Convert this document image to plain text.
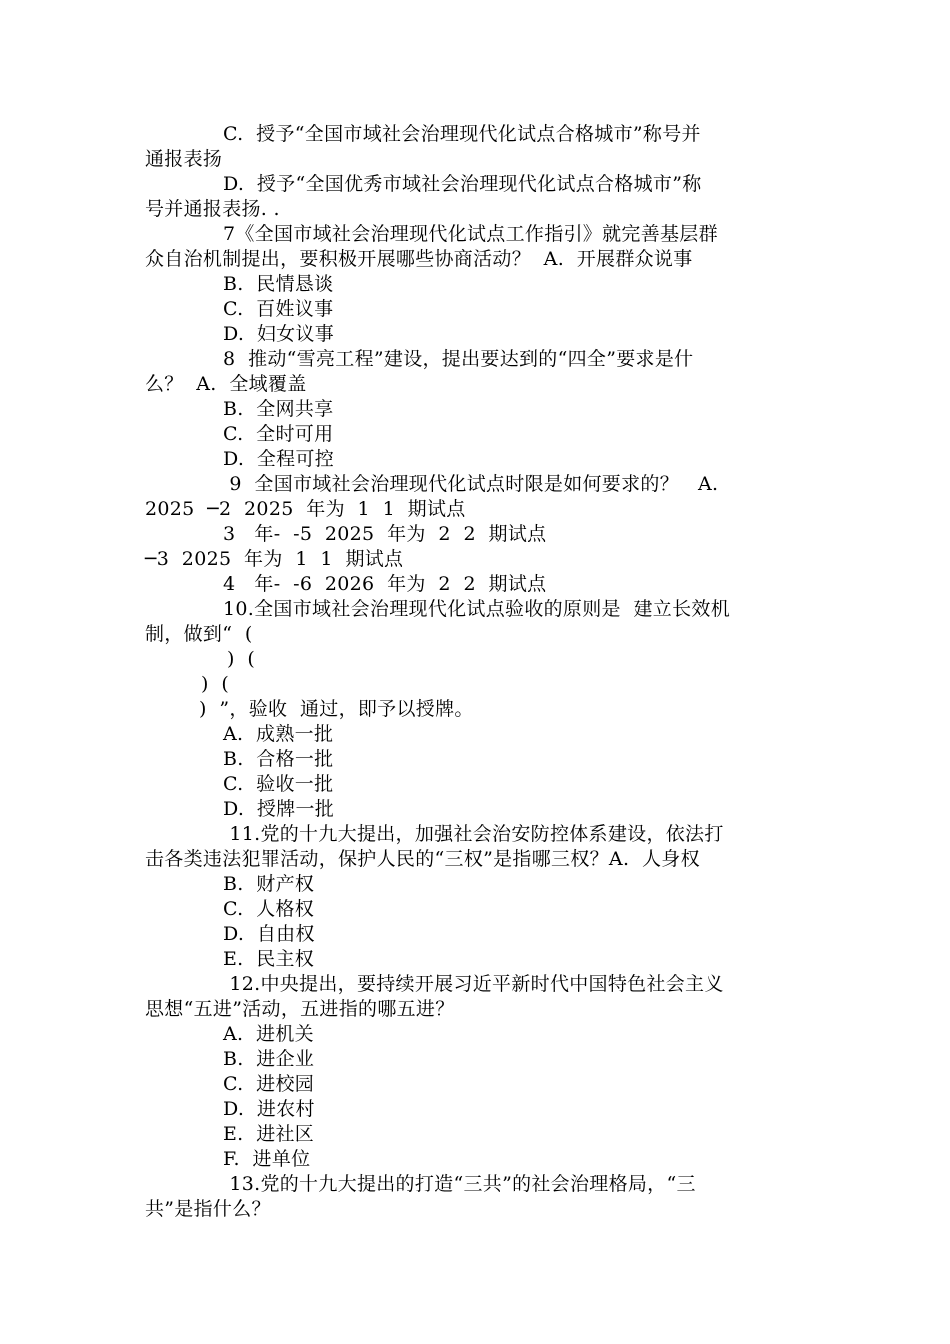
C.  授予“全国市域社会治理现代化试点合格城市”称号并
通报表扬
D.  授予“全国优秀市域社会治理现代化试点合格城市”称
号并通报表扬. .
7《全国市域社会治理现代化试点工作指引》就完善基层群
众自治机制提出，要积极开展哪些协商活动？  A.  开展群众说事
B.  民情恳谈
C.  百姓议事
D.  妇女议事
8  推动“雪亮工程”建设，提出要达到的“四全”要求是什
么？  A.  全域覆盖
B.  全网共享
C.  全时可用
D.  全程可控
9  全国市域社会治理现代化试点时限是如何要求的？   A.
2025  ─2  2025  年为  1  1  期试点
3   年-  -5  2025  年为  2  2  期试点
─3  2025  年为  1  1  期试点
4   年-  -6  2026  年为  2  2  期试点
10.全国市域社会治理现代化试点验收的原则是  建立长效机
制，做到“  (
)  (
)  (
)  ”，验收  通过，即予以授牌。
A.  成熟一批
B.  合格一批
C.  验收一批
D.  授牌一批
11.党的十九大提出，加强社会治安防控体系建设，依法打
击各类违法犯罪活动，保护人民的“三权”是指哪三权？A.  人身权
B.  财产权
C.  人格权
D.  自由权
E.  民主权
12.中央提出，要持续开展习近平新时代中国特色社会主义
思想“五进”活动，五进指的哪五进？
A.  进机关
B.  进企业
C.  进校园
D.  进农村
E.  进社区
F.  进单位
13.党的十九大提出的打造“三共”的社会治理格局，“三
共”是指什么？
